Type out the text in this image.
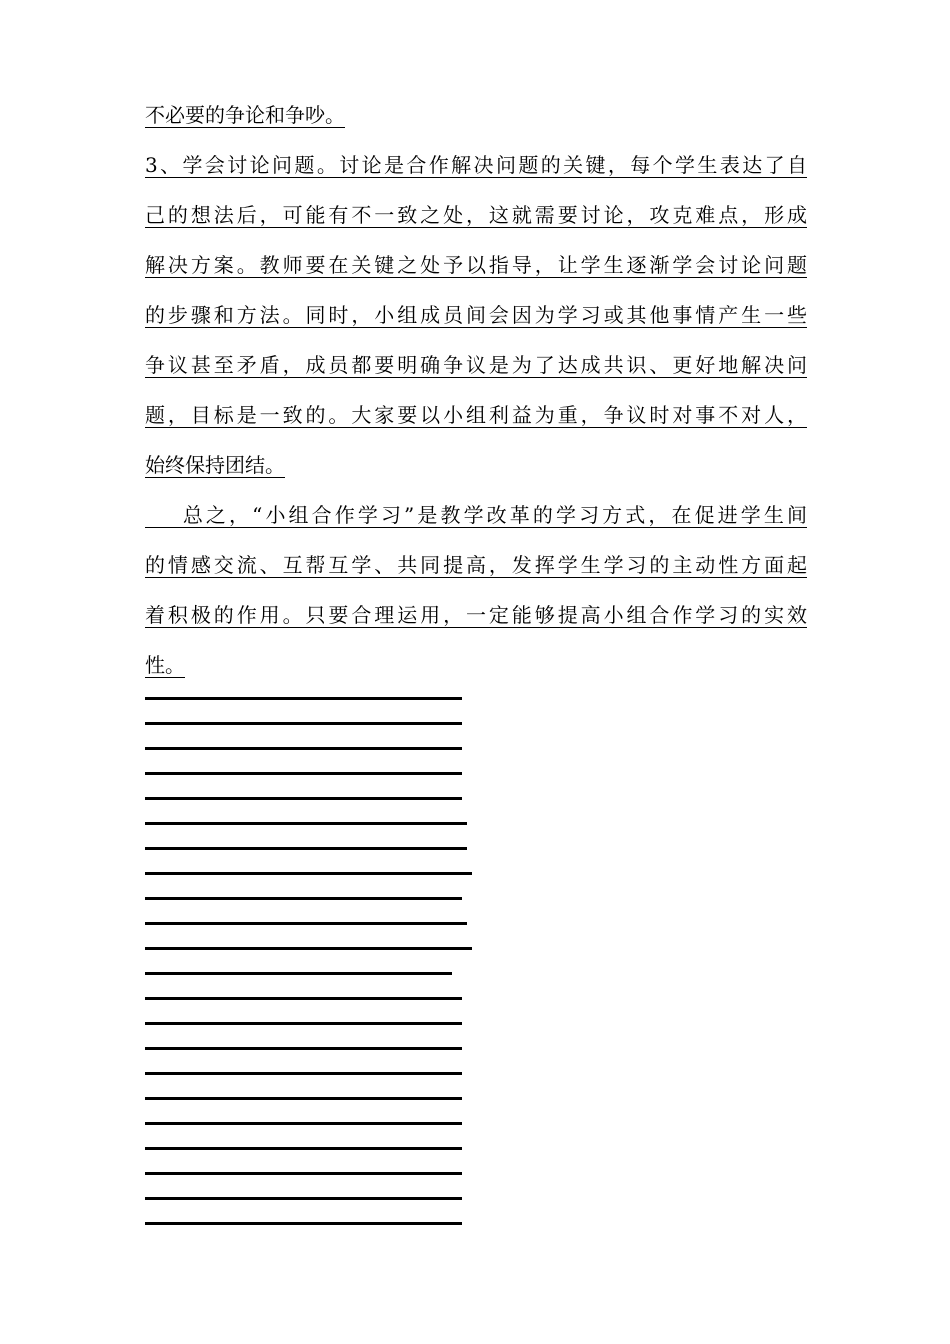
不必要的争论和争吵。
3、学会讨论问题。讨论是合作解决问题的关键，每个学生表达了自
己的想法后，可能有不一致之处，这就需要讨论，攻克难点，形成
解决方案。教师要在关键之处予以指导，让学生逐渐学会讨论问题
的步骤和方法。同时，小组成员间会因为学习或其他事情产生一些
争议甚至矛盾，成员都要明确争议是为了达成共识、更好地解决问
题，目标是一致的。大家要以小组利益为重，争议时对事不对人，
始终保持团结。
总之，“小组合作学习”是教学改革的学习方式，在促进学生间
的情感交流、互帮互学、共同提高，发挥学生学习的主动性方面起
着积极的作用。只要合理运用，一定能够提高小组合作学习的实效
性。
